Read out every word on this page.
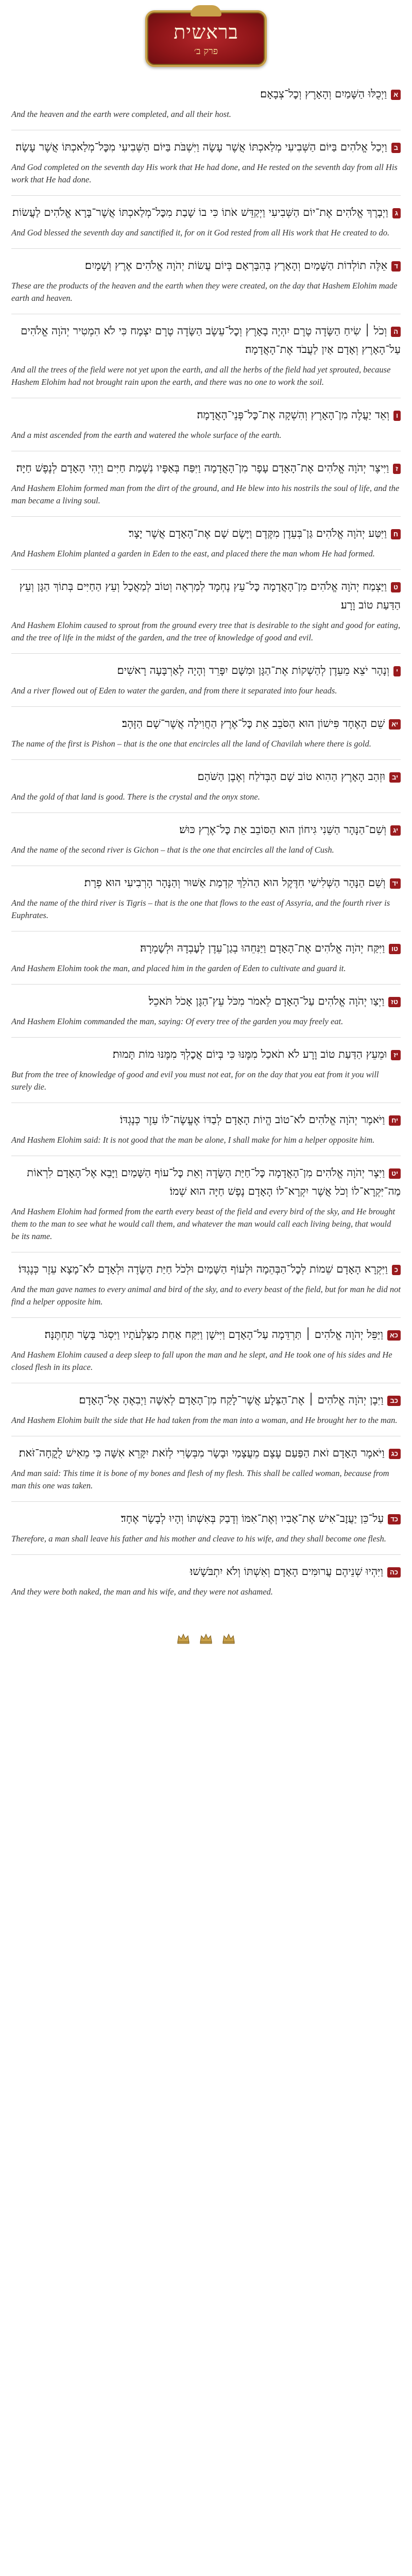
בראשית
פרק ב׳
אוַיְכֻלּוּ הַשָּׁמַיִם וְהָאָרֶץ וְכׇל־צְבָאָם׃
And the heaven and the earth were completed, and all their host.
בוַיְכַל אֱלֹהִים בַּיּוֹם הַשְּׁבִיעִי מְלַאכְתּוֹ אֲשֶׁר עָשָׂה וַיִּשְׁבֹּת בַּיּוֹם הַשְּׁבִיעִי מִכׇּל־מְלַאכְתּוֹ אֲשֶׁר עָשָׂה׃
And God completed on the seventh day His work that He had done, and He rested on the seventh day from all His work that He had done.
גוַיְבָרֶךְ אֱלֹהִים אֶת־יוֹם הַשְּׁבִיעִי וַיְקַדֵּשׁ אֹתוֹ כִּי בוֹ שָׁבַת מִכׇּל־מְלַאכְתּוֹ אֲשֶׁר־בָּרָא אֱלֹהִים לַעֲשׂוֹת׃
And God blessed the seventh day and sanctified it, for on it God rested from all His work that He created to do.
דאֵלֶּה תוֹלְדוֹת הַשָּׁמַיִם וְהָאָרֶץ בְּהִבָּרְאָם בְּיוֹם עֲשׂוֹת יְהֹוָה אֱלֹהִים אֶרֶץ וְשָׁמָיִם׃
These are the products of the heaven and the earth when they were created, on the day that Hashem Elohim made earth and heaven.
הוְכֹל ׀ שִׂיחַ הַשָּׂדֶה טֶרֶם יִהְיֶה בָאָרֶץ וְכׇל־עֵשֶׂב הַשָּׂדֶה טֶרֶם יִצְמָח כִּי לֹא הִמְטִיר יְהֹוָה אֱלֹהִים עַל־הָאָרֶץ וְאָדָם אַיִן לַעֲבֹד אֶת־הָאֲדָמָה׃
And all the trees of the field were not yet upon the earth, and all the herbs of the field had yet sprouted, because Hashem Elohim had not brought rain upon the earth, and there was no one to work the soil.
ווְאֵד יַעֲלֶה מִן־הָאָרֶץ וְהִשְׁקָה אֶת־כׇּל־פְּנֵי־הָאֲדָמָה׃
And a mist ascended from the earth and watered the whole surface of the earth.
זוַיִּיצֶר יְהֹוָה אֱלֹהִים אֶת־הָאָדָם עָפָר מִן־הָאֲדָמָה וַיִּפַּח בְּאַפָּיו נִשְׁמַת חַיִּים וַיְהִי הָאָדָם לְנֶפֶשׁ חַיָּה׃
And Hashem Elohim formed man from the dirt of the ground, and He blew into his nostrils the soul of life, and the man became a living soul.
חוַיִּטַּע יְהֹוָה אֱלֹהִים גַּן־בְּעֵדֶן מִקֶּדֶם וַיָּשֶׂם שָׁם אֶת־הָאָדָם אֲשֶׁר יָצָר׃
And Hashem Elohim planted a garden in Eden to the east, and placed there the man whom He had formed.
טוַיַּצְמַח יְהֹוָה אֱלֹהִים מִן־הָאֲדָמָה כׇּל־עֵץ נֶחְמָד לְמַרְאֶה וְטוֹב לְמַאֲכָל וְעֵץ הַחַיִּים בְּתוֹךְ הַגָּן וְעֵץ הַדַּעַת טוֹב וָרָע׃
And Hashem Elohim caused to sprout from the ground every tree that is desirable to the sight and good for eating, and the tree of life in the midst of the garden, and the tree of knowledge of good and evil.
יוְנָהָר יֹצֵא מֵעֵדֶן לְהַשְׁקוֹת אֶת־הַגָּן וּמִשָּׁם יִפָּרֵד וְהָיָה לְאַרְבָּעָה רָאשִׁים׃
And a river flowed out of Eden to water the garden, and from there it separated into four heads.
יאשֵׁם הָאֶחָד פִּישׁוֹן הוּא הַסֹּבֵב אֵת כׇּל־אֶרֶץ הַחֲוִילָה אֲשֶׁר־שָׁם הַזָּהָב׃
The name of the first is Pishon – that is the one that encircles all the land of Chavilah where there is gold.
יבוּזְהַב הָאָרֶץ הַהִוא טוֹב שָׁם הַבְּדֹלַח וְאֶבֶן הַשֹּׁהַם׃
And the gold of that land is good. There is the crystal and the onyx stone.
יגוְשֵׁם־הַנָּהָר הַשֵּׁנִי גִּיחוֹן הוּא הַסּוֹבֵב אֵת כׇּל־אֶרֶץ כּוּשׁ׃
And the name of the second river is Gichon – that is the one that encircles all the land of Cush.
ידוְשֵׁם הַנָּהָר הַשְּׁלִישִׁי חִדֶּקֶל הוּא הַהֹלֵךְ קִדְמַת אַשּׁוּר וְהַנָּהָר הָרְבִיעִי הוּא פְרָת׃
And the name of the third river is Tigris – that is the one that flows to the east of Assyria, and the fourth river is Euphrates.
טווַיִּקַּח יְהֹוָה אֱלֹהִים אֶת־הָאָדָם וַיַּנִּחֵהוּ בְגַן־עֵדֶן לְעׇבְדָהּ וּלְשׇׁמְרָהּ׃
And Hashem Elohim took the man, and placed him in the garden of Eden to cultivate and guard it.
טזוַיְצַו יְהֹוָה אֱלֹהִים עַל־הָאָדָם לֵאמֹר מִכֹּל עֵץ־הַגָּן אָכֹל תֹּאכֵל׃
And Hashem Elohim commanded the man, saying: Of every tree of the garden you may freely eat.
יזוּמֵעֵץ הַדַּעַת טוֹב וָרָע לֹא תֹאכַל מִמֶּנּוּ כִּי בְּיוֹם אֲכׇלְךָ מִמֶּנּוּ מוֹת תָּמוּת׃
But from the tree of knowledge of good and evil you must not eat, for on the day that you eat from it you will surely die.
יחוַיֹּאמֶר יְהֹוָה אֱלֹהִים לֹא־טוֹב הֱיוֹת הָאָדָם לְבַדּוֹ אֶעֱשֶׂה־לּוֹ עֵזֶר כְּנֶגְדּוֹ׃
And Hashem Elohim said: It is not good that the man be alone, I shall make for him a helper opposite him.
יטוַיִּצֶר יְהֹוָה אֱלֹהִים מִן־הָאֲדָמָה כׇּל־חַיַּת הַשָּׂדֶה וְאֵת כׇּל־עוֹף הַשָּׁמַיִם וַיָּבֵא אֶל־הָאָדָם לִרְאוֹת מַה־יִּקְרָא־לוֹ וְכֹל אֲשֶׁר יִקְרָא־לוֹ הָאָדָם נֶפֶשׁ חַיָּה הוּא שְׁמוֹ׃
And Hashem Elohim had formed from the earth every beast of the field and every bird of the sky, and He brought them to the man to see what he would call them, and whatever the man would call each living being, that would be its name.
כוַיִּקְרָא הָאָדָם שֵׁמוֹת לְכׇל־הַבְּהֵמָה וּלְעוֹף הַשָּׁמַיִם וּלְכֹל חַיַּת הַשָּׂדֶה וּלְאָדָם לֹא־מָצָא עֵזֶר כְּנֶגְדּוֹ׃
And the man gave names to every animal and bird of the sky, and to every beast of the field, but for man he did not find a helper opposite him.
כאוַיַּפֵּל יְהֹוָה אֱלֹהִים ׀ תַּרְדֵּמָה עַל־הָאָדָם וַיִּישָׁן וַיִּקַּח אַחַת מִצַּלְעֹתָיו וַיִּסְגֹּר בָּשָׂר תַּחְתֶּנָּה׃
And Hashem Elohim caused a deep sleep to fall upon the man and he slept, and He took one of his sides and He closed flesh in its place.
כבוַיִּבֶן יְהֹוָה אֱלֹהִים ׀ אֶת־הַצֵּלָע אֲשֶׁר־לָקַח מִן־הָאָדָם לְאִשָּׁה וַיְבִאֶהָ אֶל־הָאָדָם׃
And Hashem Elohim built the side that He had taken from the man into a woman, and He brought her to the man.
כגוַיֹּאמֶר הָאָדָם זֹאת הַפַּעַם עֶצֶם מֵעֲצָמַי וּבָשָׂר מִבְּשָׂרִי לְזֹאת יִקָּרֵא אִשָּׁה כִּי מֵאִישׁ לֻקֳחָה־זֹּאת׃
And man said: This time it is bone of my bones and flesh of my flesh. This shall be called woman, because from man this one was taken.
כדעַל־כֵּן יַעֲזׇב־אִישׁ אֶת־אָבִיו וְאֶת־אִמּוֹ וְדָבַק בְּאִשְׁתּוֹ וְהָיוּ לְבָשָׂר אֶחָד׃
Therefore, a man shall leave his father and his mother and cleave to his wife, and they shall become one flesh.
כהוַיִּהְיוּ שְׁנֵיהֶם עֲרוּמִּים הָאָדָם וְאִשְׁתּוֹ וְלֹא יִתְבֹּשָׁשׁוּ׃
And they were both naked, the man and his wife, and they were not ashamed.
